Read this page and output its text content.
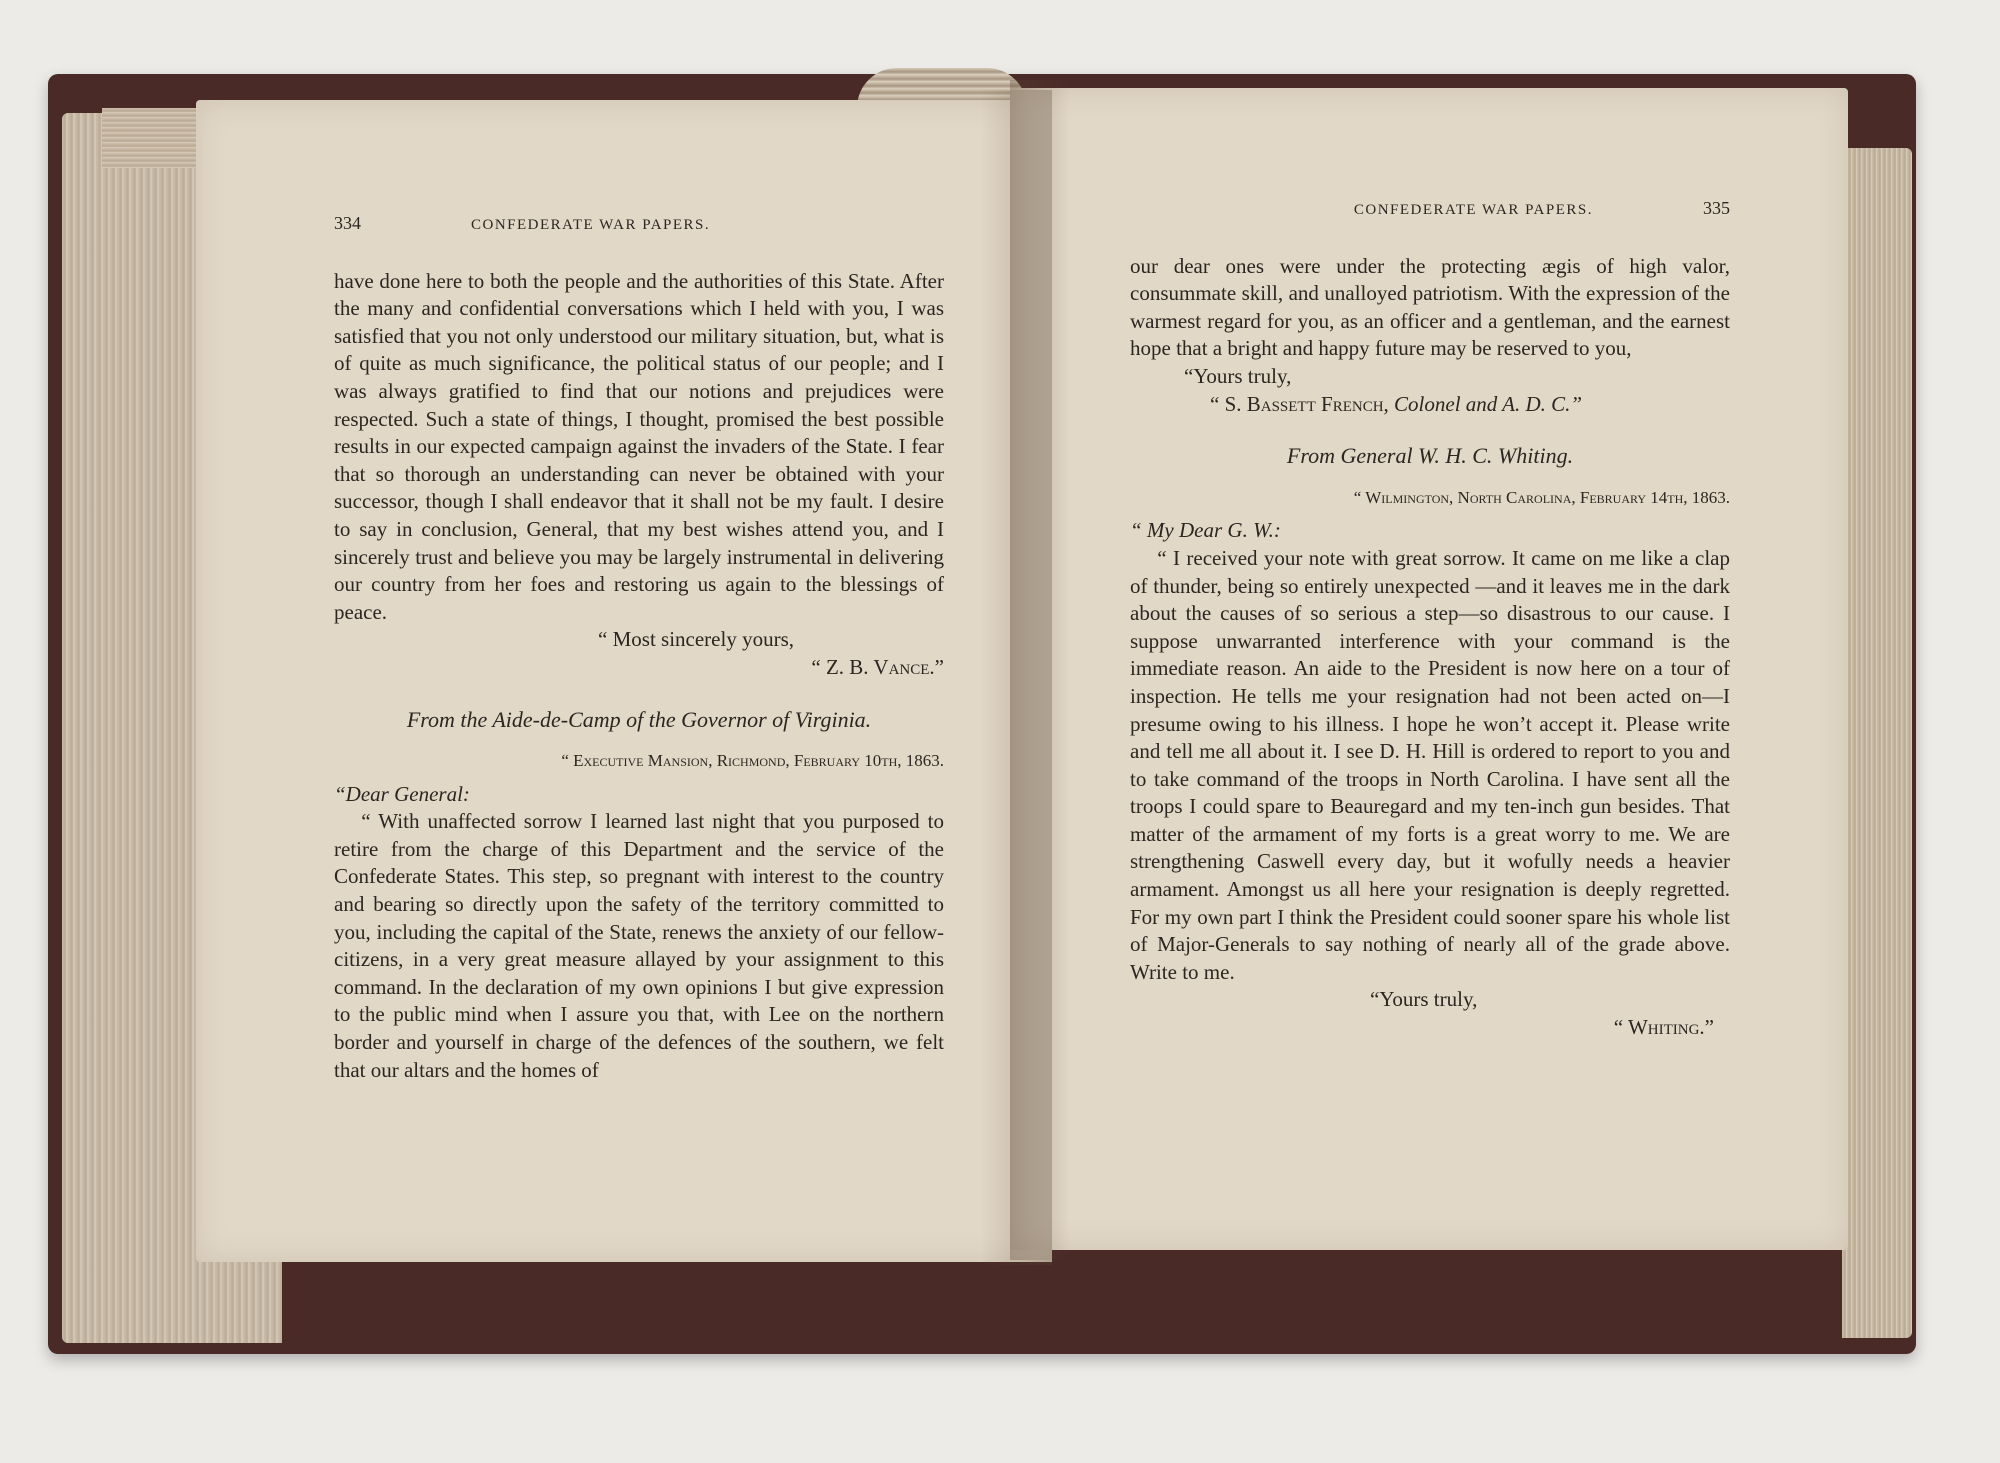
334	CONFEDERATE WAR PAPERS.

have done here to both the people and the authorities of this State. After the many and confidential conversations which I held with you, I was satisfied that you not only understood our military situation, but, what is of quite as much significance, the political status of our people; and I was always gratified to find that our notions and prejudices were respected. Such a state of things, I thought, promised the best possible results in our expected campaign against the invaders of the State. I fear that so thorough an understanding can never be obtained with your successor, though I shall endeavor that it shall not be my fault. I desire to say in conclusion, General, that my best wishes attend you, and I sincerely trust and believe you may be largely instrumental in delivering our country from her foes and restoring us again to the blessings of peace.

“ Most sincerely yours,

“ Z. B. Vance.”

From the Aide-de-Camp of the Governor of Virginia.

“ Executive Mansion, Richmond, February 10th, 1863.

“Dear General:

“ With unaffected sorrow I learned last night that you purposed to retire from the charge of this Department and the service of the Confederate States. This step, so pregnant with interest to the country and bearing so directly upon the safety of the territory committed to you, including the capital of the State, renews the anxiety of our fellow-citizens, in a very great measure allayed by your assignment to this command. In the declaration of my own opinions I but give expression to the public mind when I assure you that, with Lee on the northern border and yourself in charge of the defences of the southern, we felt that our altars and the homes of

CONFEDERATE WAR PAPERS.	335

our dear ones were under the protecting ægis of high valor, consummate skill, and unalloyed patriotism. With the expression of the warmest regard for you, as an officer and a gentleman, and the earnest hope that a bright and happy future may be reserved to you,

“Yours truly,

“ S. Bassett French, Colonel and A. D. C.”

From General W. H. C. Whiting.

“ Wilmington, North Carolina, February 14th, 1863.

“ My Dear G. W.:

“ I received your note with great sorrow. It came on me like a clap of thunder, being so entirely unexpected —and it leaves me in the dark about the causes of so serious a step—so disastrous to our cause. I suppose unwarranted interference with your command is the immediate reason. An aide to the President is now here on a tour of inspection. He tells me your resignation had not been acted on—I presume owing to his illness. I hope he won’t accept it. Please write and tell me all about it. I see D. H. Hill is ordered to report to you and to take command of the troops in North Carolina. I have sent all the troops I could spare to Beauregard and my ten-inch gun besides. That matter of the armament of my forts is a great worry to me. We are strengthening Caswell every day, but it wofully needs a heavier armament. Amongst us all here your resignation is deeply regretted. For my own part I think the President could sooner spare his whole list of Major-Generals to say nothing of nearly all of the grade above. Write to me.

“Yours truly,

“ Whiting.”
